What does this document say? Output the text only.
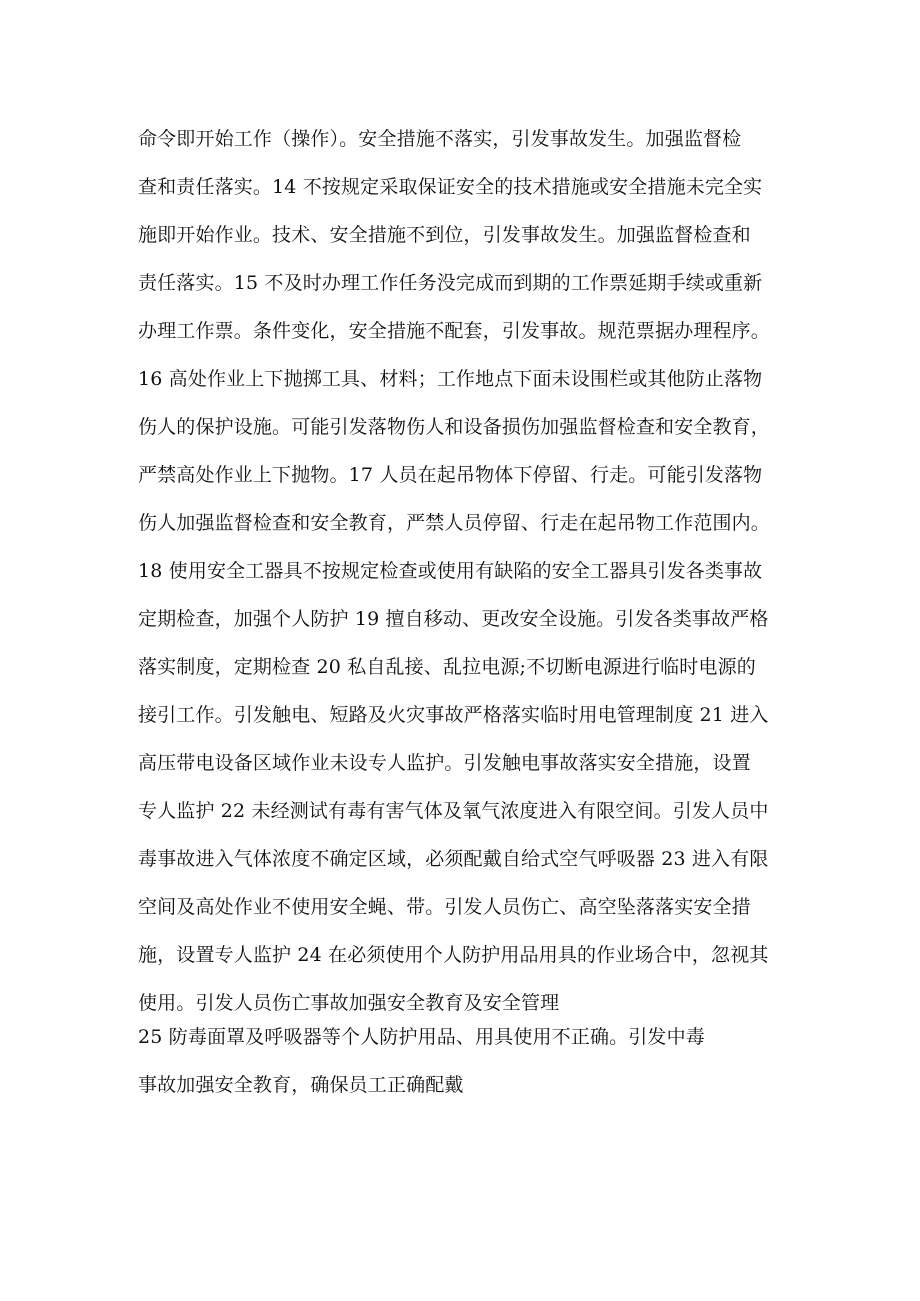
命令即开始工作（操作）。安全措施不落实，引发事故发生。加强监督检
查和责任落实。14 不按规定采取保证安全的技术措施或安全措施未完全实
施即开始作业。技术、安全措施不到位，引发事故发生。加强监督检查和
责任落实。15 不及时办理工作任务没完成而到期的工作票延期手续或重新
办理工作票。条件变化，安全措施不配套，引发事故。规范票据办理程序。
16 高处作业上下抛掷工具、材料；工作地点下面未设围栏或其他防止落物
伤人的保护设施。可能引发落物伤人和设备损伤加强监督检查和安全教育，
严禁高处作业上下抛物。17 人员在起吊物体下停留、行走。可能引发落物
伤人加强监督检查和安全教育，严禁人员停留、行走在起吊物工作范围内。
18 使用安全工器具不按规定检查或使用有缺陷的安全工器具引发各类事故
定期检查，加强个人防护 19 擅自移动、更改安全设施。引发各类事故严格
落实制度，定期检查 20 私自乱接、乱拉电源;不切断电源进行临时电源的
接引工作。引发触电、短路及火灾事故严格落实临时用电管理制度 21 进入
高压带电设备区域作业未设专人监护。引发触电事故落实安全措施，设置
专人监护 22 未经测试有毒有害气体及氧气浓度进入有限空间。引发人员中
毒事故进入气体浓度不确定区域，必须配戴自给式空气呼吸器 23 进入有限
空间及高处作业不使用安全蝇、带。引发人员伤亡、高空坠落落实安全措
施，设置专人监护 24 在必须使用个人防护用品用具的作业场合中，忽视其
使用。引发人员伤亡事故加强安全教育及安全管理
25 防毒面罩及呼吸器等个人防护用品、用具使用不正确。引发中毒
事故加强安全教育，确保员工正确配戴
